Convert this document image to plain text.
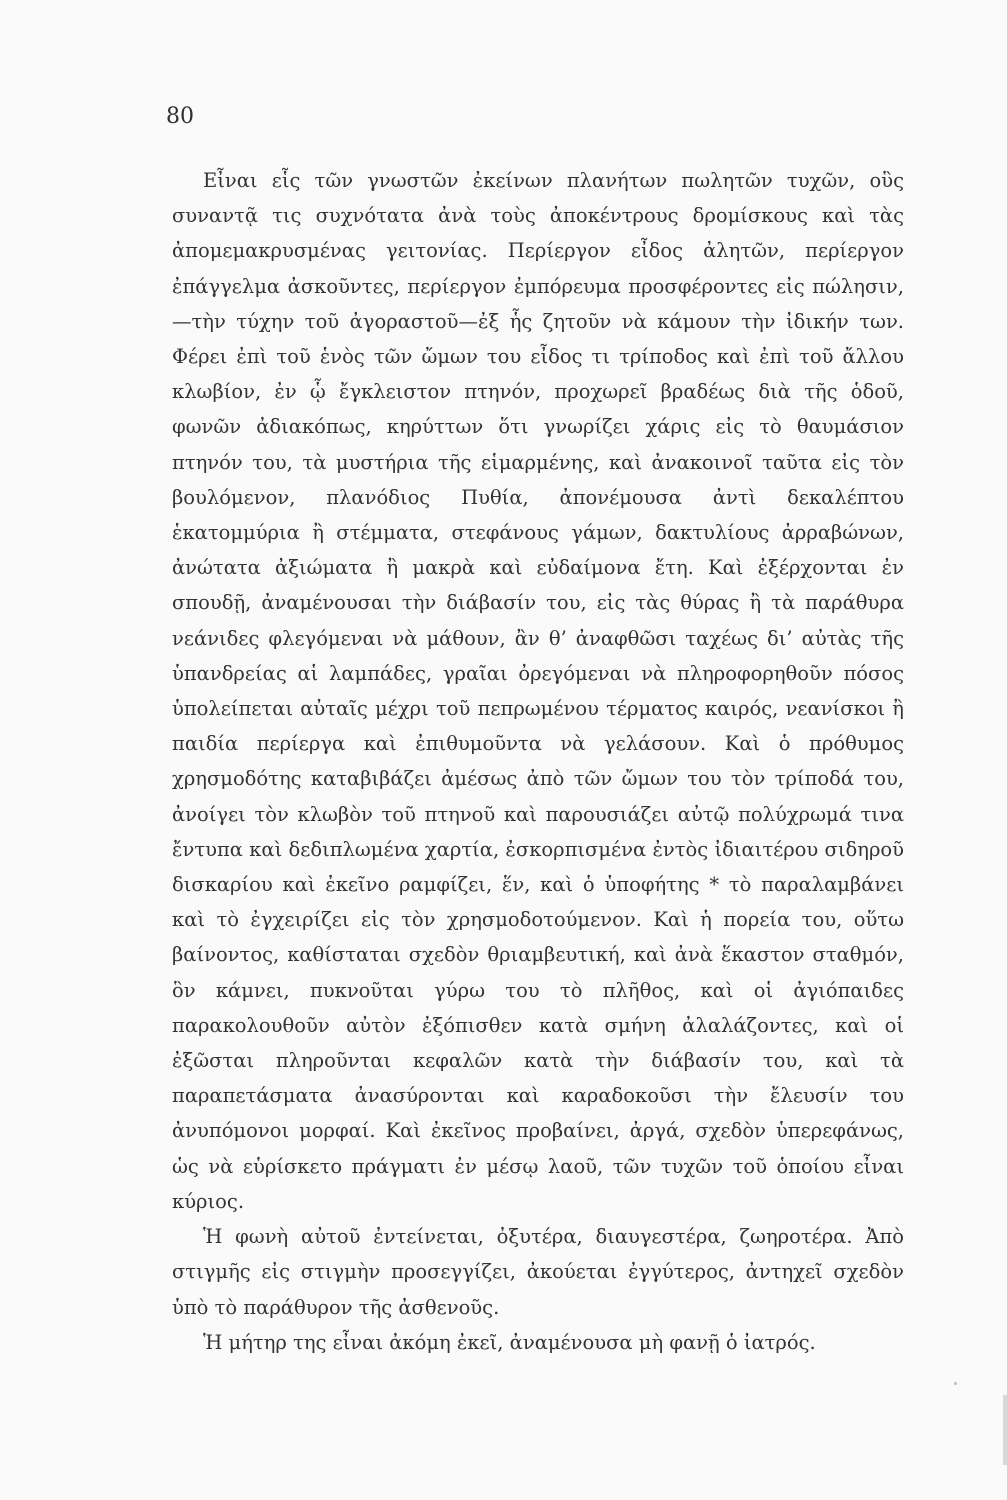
80

Εἶναι εἷς τῶν γνωστῶν ἐκείνων πλανήτων πωλητῶν τυχῶν, οὓς συναντᾷ τις συχνότατα ἀνὰ τοὺς ἀποκέντρους δρομίσκους καὶ τὰς ἀπομεμακρυσμένας γειτονίας. Περίεργον εἶδος ἀλητῶν, περίεργον ἐπάγγελμα ἀσκοῦντες, περίεργον ἐμπόρευμα προσφέροντες εἰς πώλησιν, —τὴν τύχην τοῦ ἀγοραστοῦ—ἐξ ἧς ζητοῦν νὰ κάμουν τὴν ἰδικήν των. Φέρει ἐπὶ τοῦ ἑνὸς τῶν ὤμων του εἶδος τι τρίποδος καὶ ἐπὶ τοῦ ἄλλου κλωβίον, ἐν ᾧ ἔγκλειστον πτηνόν, προχωρεῖ βραδέως διὰ τῆς ὁδοῦ, φωνῶν ἀδιακόπως, κηρύττων ὅτι γνωρίζει χάρις εἰς τὸ θαυμάσιον πτηνόν του, τὰ μυστήρια τῆς εἱμαρμένης, καὶ ἀνακοινοῖ ταῦτα εἰς τὸν βουλόμενον, πλανόδιος Πυθία, ἀπονέμουσα ἀντὶ δεκαλέπτου ἑκατομμύρια ἢ στέμματα, στεφάνους γάμων, δακτυλίους ἀρραβώνων, ἀνώτατα ἀξιώματα ἢ μακρὰ καὶ εὐδαίμονα ἔτη. Καὶ ἐξέρχονται ἐν σπουδῇ, ἀναμένουσαι τὴν διάβασίν του, εἰς τὰς θύρας ἢ τὰ παράθυρα νεάνιδες φλεγόμεναι νὰ μάθουν, ἂν θ’ ἀναφθῶσι ταχέως δι’ αὐτὰς τῆς ὑπανδρείας αἱ λαμπάδες, γραῖαι ὀρεγόμεναι νὰ πληροφορηθοῦν πόσος ὑπολείπεται αὐταῖς μέχρι τοῦ πεπρωμένου τέρματος καιρός, νεανίσκοι ἢ παιδία περίεργα καὶ ἐπιθυμοῦντα νὰ γελάσουν. Καὶ ὁ πρόθυμος χρησμοδότης καταβιβάζει ἀμέσως ἀπὸ τῶν ὤμων του τὸν τρίποδά του, ἀνοίγει τὸν κλωβὸν τοῦ πτηνοῦ καὶ παρουσιάζει αὐτῷ πολύχρωμά τινα ἔντυπα καὶ δεδιπλωμένα χαρτία, ἐσκορπισμένα ἐντὸς ἰδιαιτέρου σιδηροῦ δισκαρίου καὶ ἐκεῖνο ραμφίζει, ἕν, καὶ ὁ ὑποφήτης * τὸ παραλαμβάνει καὶ τὸ ἐγχειρίζει εἰς τὸν χρησμοδοτούμενον. Καὶ ἡ πορεία του, οὕτω βαίνοντος, καθίσταται σχεδὸν θριαμβευτική, καὶ ἀνὰ ἕκαστον σταθμόν, ὃν κάμνει, πυκνοῦται γύρω του τὸ πλῆθος, καὶ οἱ ἀγιόπαιδες παρακολουθοῦν αὐτὸν ἐξόπισθεν κατὰ σμήνη ἀλαλάζοντες, καὶ οἱ ἐξῶσται πληροῦνται κεφαλῶν κατὰ τὴν διάβασίν του, καὶ τὰ παραπετάσματα ἀνασύρονται καὶ καραδοκοῦσι τὴν ἔλευσίν του ἀνυπόμονοι μορφαί. Καὶ ἐκεῖνος προβαίνει, ἀργά, σχεδὸν ὑπερεφάνως, ὡς νὰ εὑρίσκετο πράγματι ἐν μέσῳ λαοῦ, τῶν τυχῶν τοῦ ὁποίου εἶναι κύριος.

Ἡ φωνὴ αὐτοῦ ἐντείνεται, ὀξυτέρα, διαυγεστέρα, ζωηροτέρα. Ἀπὸ στιγμῆς εἰς στιγμὴν προσεγγίζει, ἀκούεται ἐγγύτερος, ἀντηχεῖ σχεδὸν ὑπὸ τὸ παράθυρον τῆς ἀσθενοῦς.

Ἡ μήτηρ της εἶναι ἀκόμη ἐκεῖ, ἀναμένουσα μὴ φανῇ ὁ ἰατρός.
